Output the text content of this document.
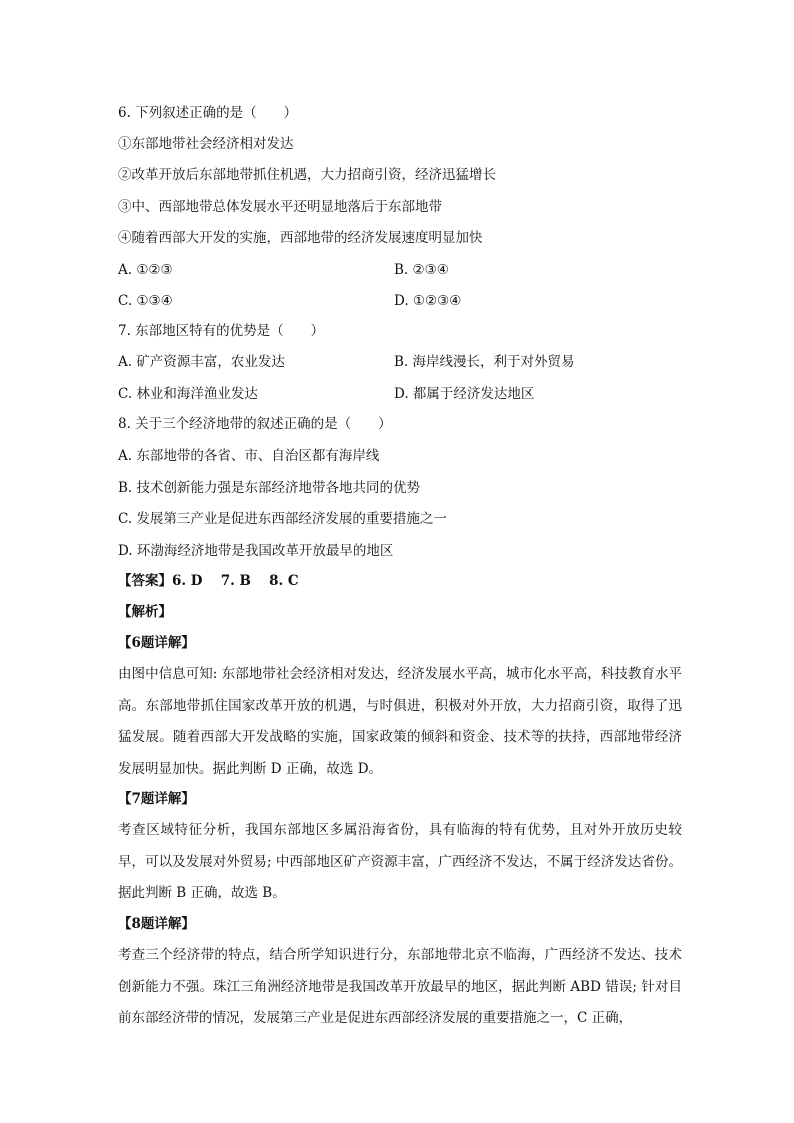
6. 下列叙述正确的是（　　）
①东部地带社会经济相对发达
②改革开放后东部地带抓住机遇，大力招商引资，经济迅猛增长
③中、西部地带总体发展水平还明显地落后于东部地带
④随着西部大开发的实施，西部地带的经济发展速度明显加快
A. ①②③	B. ②③④
C. ①③④	D. ①②③④
7. 东部地区特有的优势是（　　）
A. 矿产资源丰富，农业发达	B. 海岸线漫长，利于对外贸易
C. 林业和海洋渔业发达	D. 都属于经济发达地区
8. 关于三个经济地带的叙述正确的是（　　）
A. 东部地带的各省、市、自治区都有海岸线
B. 技术创新能力强是东部经济地带各地共同的优势
C. 发展第三产业是促进东西部经济发展的重要措施之一
D. 环渤海经济地带是我国改革开放最早的地区
【答案】6. D　 7. B　 8. C
【解析】
【6题详解】
由图中信息可知: 东部地带社会经济相对发达，经济发展水平高，城市化水平高，科技教育水平高。东部地带抓住国家改革开放的机遇，与时俱进，积极对外开放，大力招商引资，取得了迅猛发展。随着西部大开发战略的实施，国家政策的倾斜和资金、技术等的扶持，西部地带经济发展明显加快。据此判断 D 正确，故选 D。
【7题详解】
考查区域特征分析，我国东部地区多属沿海省份，具有临海的特有优势，且对外开放历史较早，可以及发展对外贸易; 中西部地区矿产资源丰富，广西经济不发达，不属于经济发达省份。据此判断 B 正确，故选 B。
【8题详解】
考查三个经济带的特点，结合所学知识进行分，东部地带北京不临海，广西经济不发达、技术创新能力不强。珠江三角洲经济地带是我国改革开放最早的地区，据此判断 ABD 错误; 针对目前东部经济带的情况，发展第三产业是促进东西部经济发展的重要措施之一，C 正确，
